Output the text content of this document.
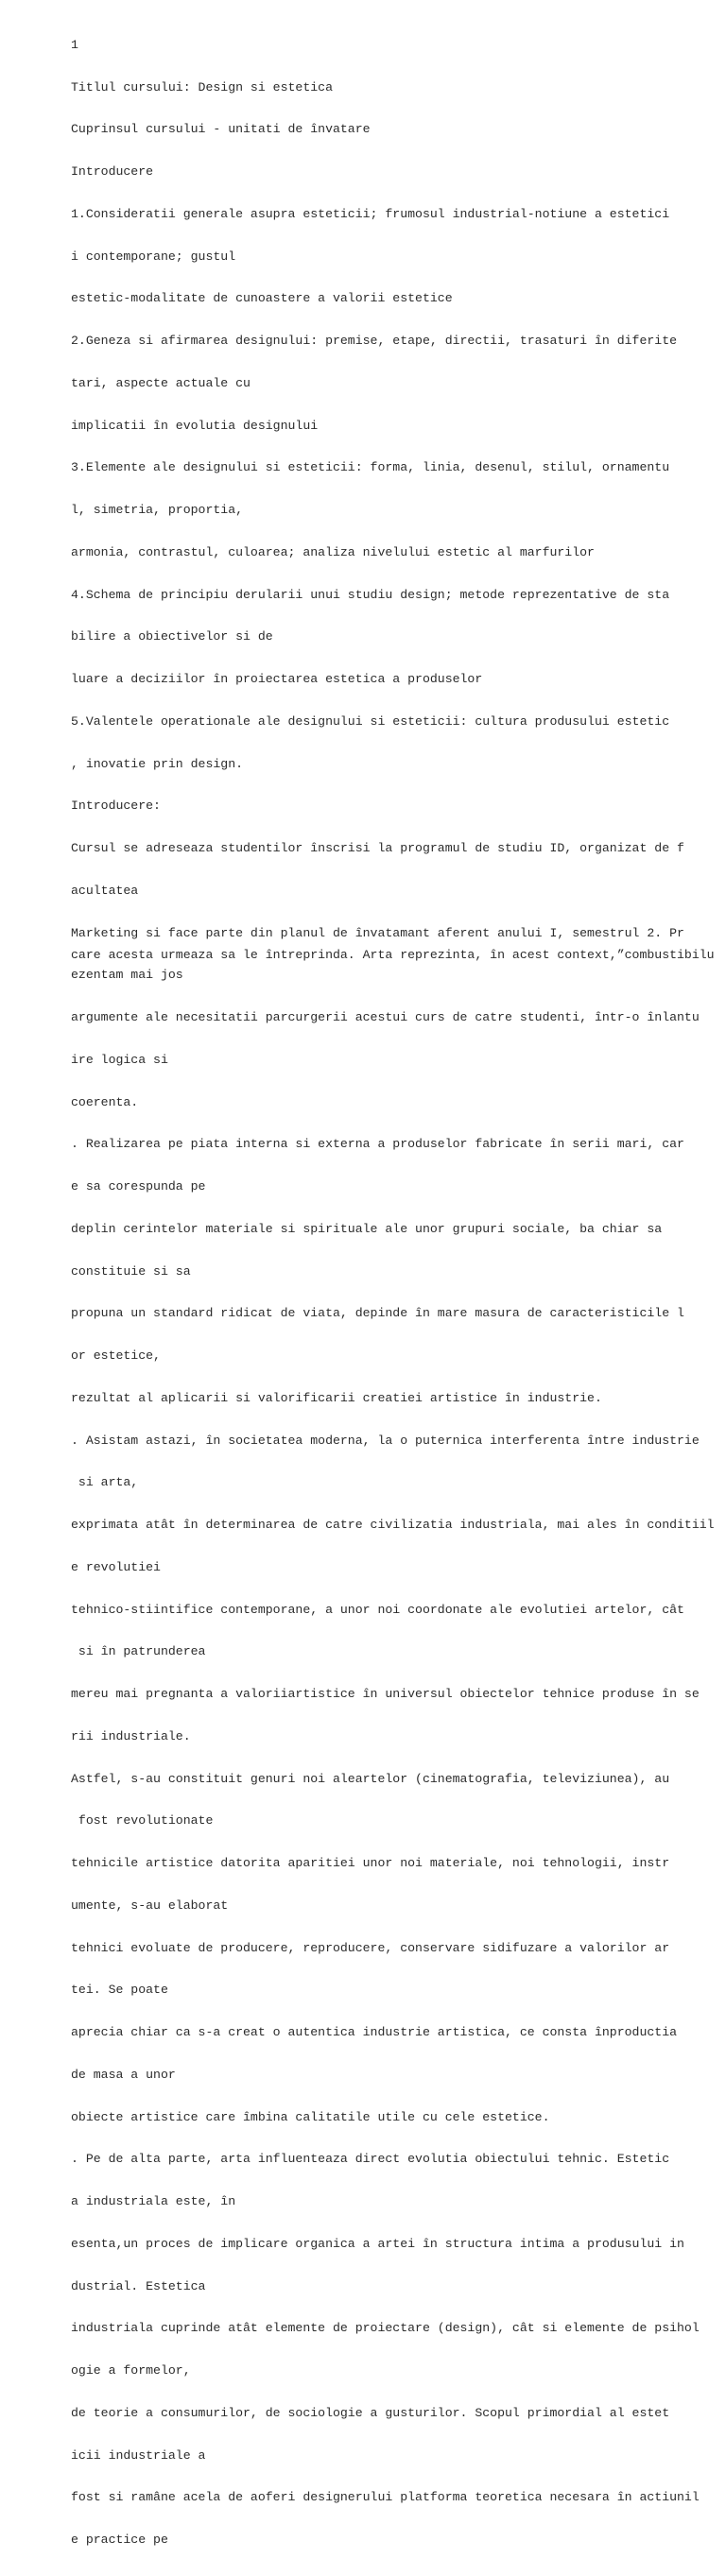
1

Titlul cursului: Design si estetica

Cuprinsul cursului - unitati de învatare

Introducere

1.Consideratii generale asupra esteticii; frumosul industrial-notiune a estetici

i contemporane; gustul

estetic-modalitate de cunoastere a valorii estetice

2.Geneza si afirmarea designului: premise, etape, directii, trasaturi în diferite

tari, aspecte actuale cu

implicatii în evolutia designului

3.Elemente ale designului si esteticii: forma, linia, desenul, stilul, ornamentu

l, simetria, proportia,

armonia, contrastul, culoarea; analiza nivelului estetic al marfurilor

4.Schema de principiu derularii unui studiu design; metode reprezentative de sta

bilire a obiectivelor si de

luare a deciziilor în proiectarea estetica a produselor

5.Valentele operationale ale designului si esteticii: cultura produsului estetic

, inovatie prin design.

Introducere:

Cursul se adreseaza studentilor înscrisi la programul de studiu ID, organizat de f

acultatea

Marketing si face parte din planul de învatamant aferent anului I, semestrul 2. Pr

ezentam mai jos

argumente ale necesitatii parcurgerii acestui curs de catre studenti, într-o înlantu

ire logica si

coerenta.

. Realizarea pe piata interna si externa a produselor fabricate în serii mari, car

e sa corespunda pe

deplin cerintelor materiale si spirituale ale unor grupuri sociale, ba chiar sa

constituie si sa

propuna un standard ridicat de viata, depinde în mare masura de caracteristicile l

or estetice,

rezultat al aplicarii si valorificarii creatiei artistice în industrie.

. Asistam astazi, în societatea moderna, la o puternica interferenta între industrie

si arta,

exprimata atât în determinarea de catre civilizatia industriala, mai ales în conditiil

e revolutiei

tehnico-stiintifice contemporane, a unor noi coordonate ale evolutiei artelor, cât

si în patrunderea

mereu mai pregnanta a valoriiartistice în universul obiectelor tehnice produse în se

rii industriale.

Astfel, s-au constituit genuri noi aleartelor (cinematografia, televiziunea), au

fost revolutionate

tehnicile artistice datorita aparitiei unor noi materiale, noi tehnologii, instr

umente, s-au elaborat

tehnici evoluate de producere, reproducere, conservare sidifuzare a valorilor ar

tei. Se poate

aprecia chiar ca s-a creat o autentica industrie artistica, ce consta înproductia

de masa a unor

obiecte artistice care îmbina calitatile utile cu cele estetice.

. Pe de alta parte, arta influenteaza direct evolutia obiectului tehnic. Estetic

a industriala este, în

esenta,un proces de implicare organica a artei în structura intima a produsului in

dustrial. Estetica

industriala cuprinde atât elemente de proiectare (design), cât si elemente de psihol

ogie a formelor,

de teorie a consumurilor, de sociologie a gusturilor. Scopul primordial al estet

icii industriale a

fost si ramâne acela de aoferi designerului platforma teoretica necesara în actiunil

e practice pe

care acesta urmeaza sa le întreprinda. Arta reprezinta, în acest context,”combustibilu
